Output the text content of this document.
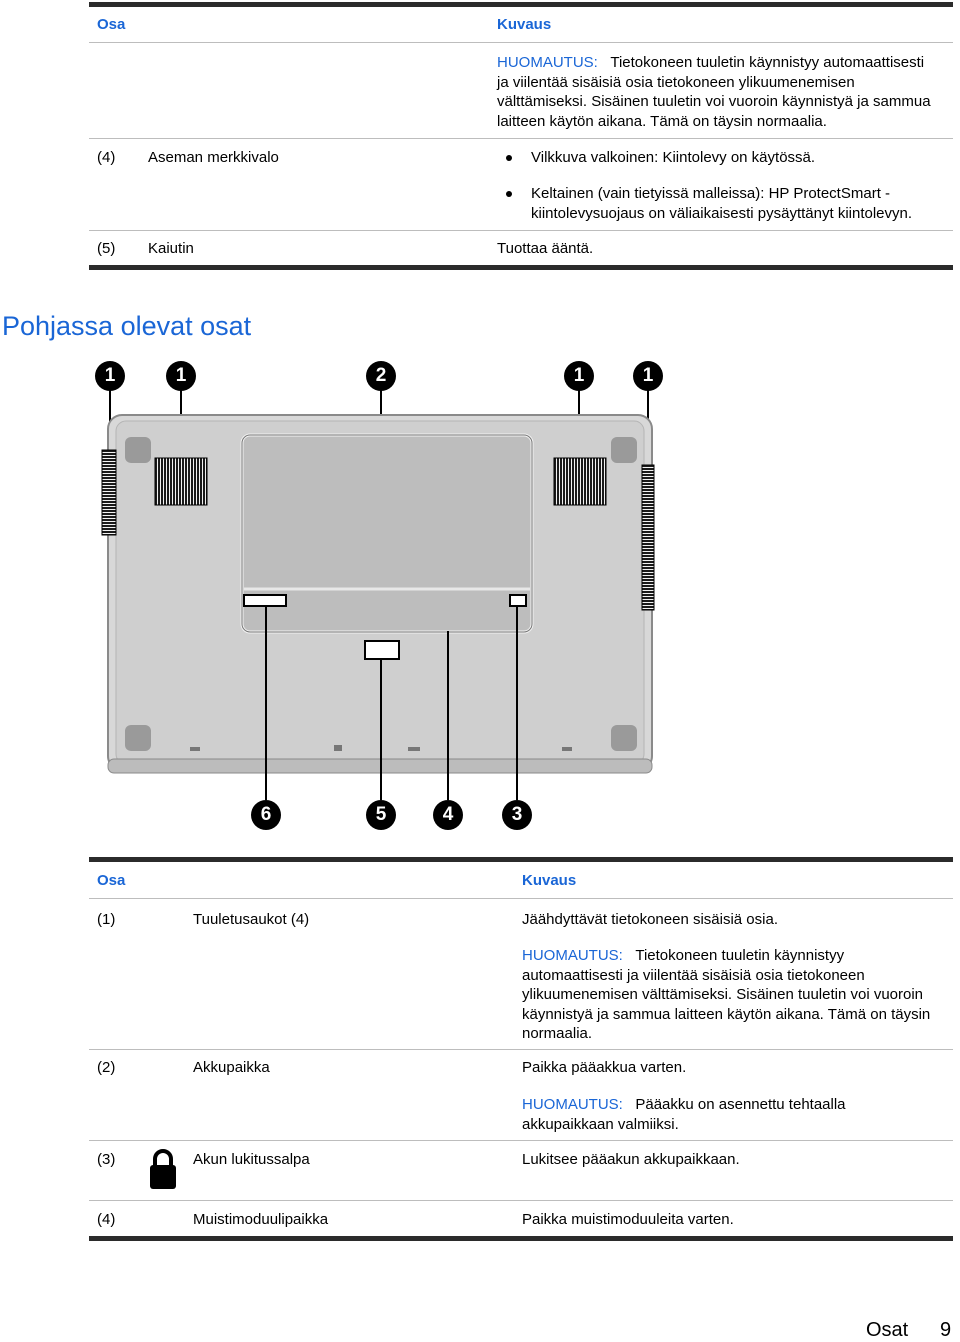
Osa	Kuvaus
HUOMAUTUS: Tietokoneen tuuletin käynnistyy automaattisesti
ja viilentää sisäisiä osia tietokoneen ylikuumenemisen
välttämiseksi. Sisäinen tuuletin voi vuoroin käynnistyä ja sammua
laitteen käytön aikana. Tämä on täysin normaalia.
(4) Aseman merkkivalo	Vilkkuva valkoinen: Kiintolevy on käytössä.
Keltainen (vain tietyissä malleissa): HP ProtectSmart -
kiintolevysuojaus on väliaikaisesti pysäyttänyt kiintolevyn.
(5) Kaiutin	Tuottaa ääntä.
Pohjassa olevat osat
1	1	2	1	1
6	5	4	3
Osa	Kuvaus
(1)	Tuuletusaukot (4)	Jäähdyttävät tietokoneen sisäisiä osia.
HUOMAUTUS: Tietokoneen tuuletin käynnistyy
automaattisesti ja viilentää sisäisiä osia tietokoneen
ylikuumenemisen välttämiseksi. Sisäinen tuuletin voi vuoroin
käynnistyä ja sammua laitteen käytön aikana. Tämä on täysin
normaalia.
(2)	Akkupaikka	Paikka pääakkua varten.
HUOMAUTUS: Pääakku on asennettu tehtaalla
akkupaikkaan valmiiksi.
(3)	Akun lukitussalpa	Lukitsee pääakun akkupaikkaan.
(4)	Muistimoduulipaikka	Paikka muistimoduuleita varten.
Osat 9
